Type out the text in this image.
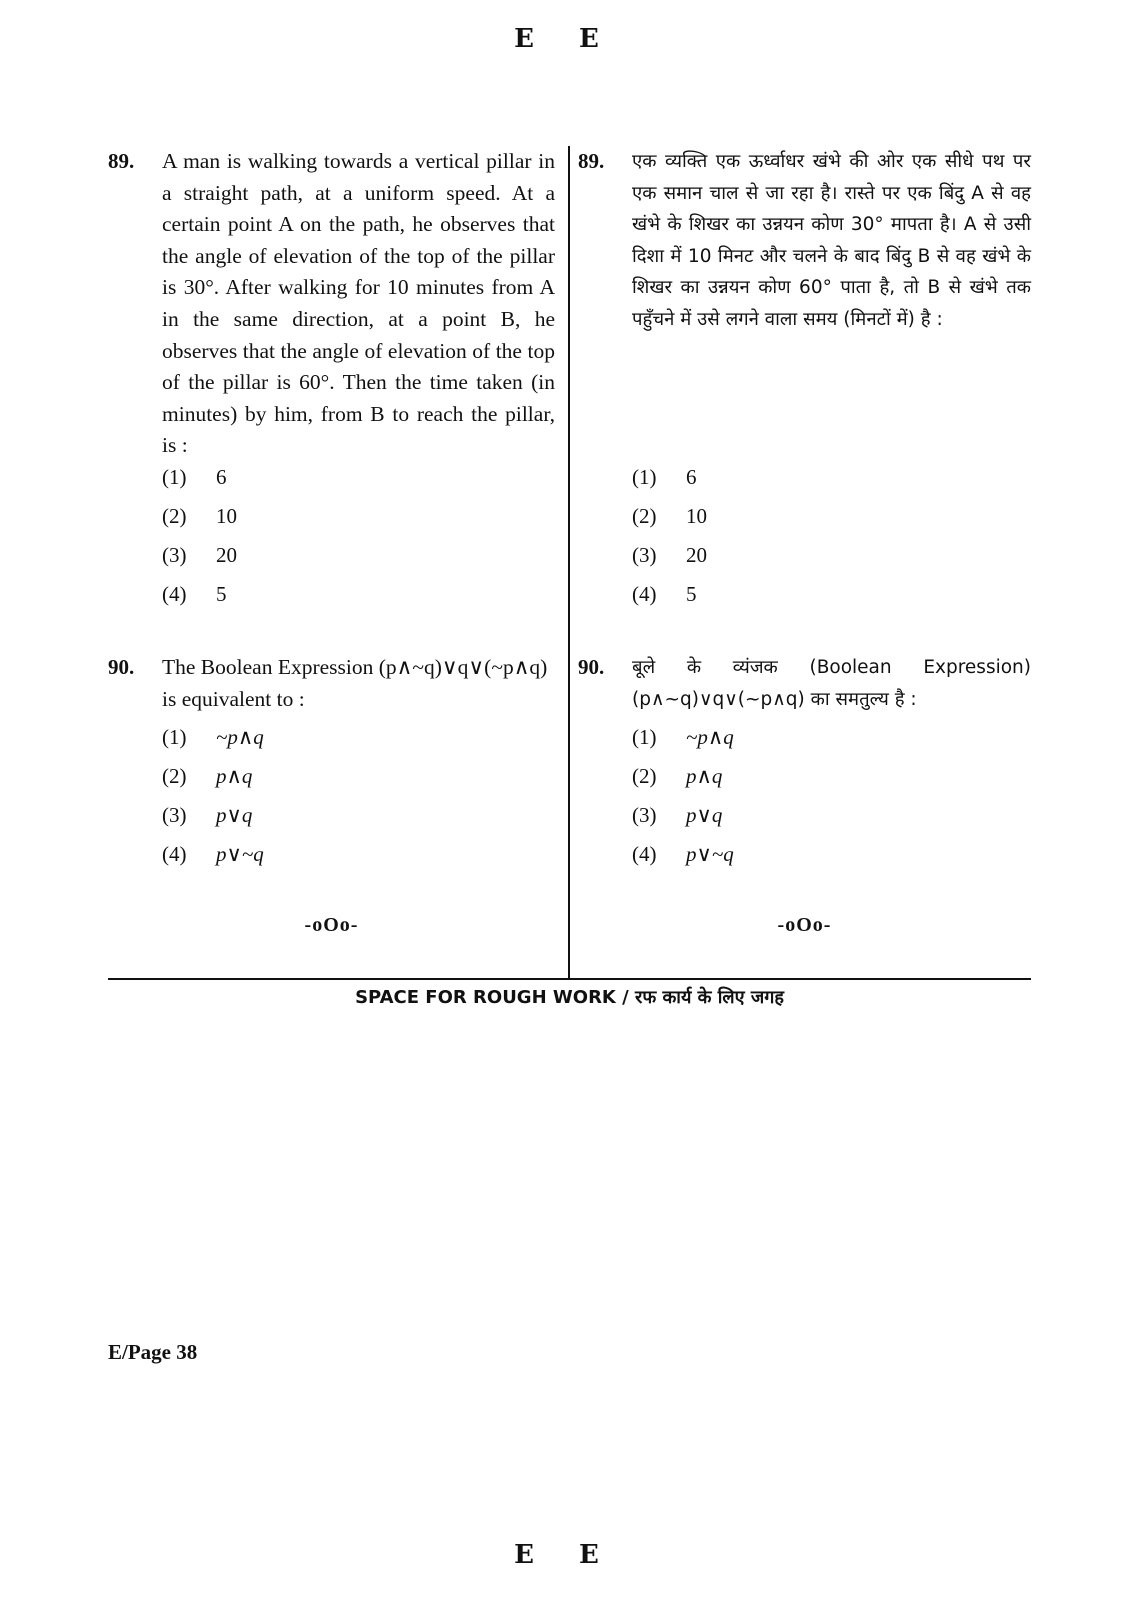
E E
89. A man is walking towards a vertical pillar in a straight path, at a uniform speed. At a certain point A on the path, he observes that the angle of elevation of the top of the pillar is 30°. After walking for 10 minutes from A in the same direction, at a point B, he observes that the angle of elevation of the top of the pillar is 60°. Then the time taken (in minutes) by him, from B to reach the pillar, is :
(1) 6
(2) 10
(3) 20
(4) 5
90. The Boolean Expression (p∧~q)∨q∨(~p∧q) is equivalent to :
(1) ~p∧q
(2) p∧q
(3) p∨q
(4) p∨~q
-oOo-
89. एक व्यक्ति एक ऊर्ध्वाधर खंभे की ओर एक सीधे पथ पर एक समान चाल से जा रहा है। रास्ते पर एक बिंदु A से वह खंभे के शिखर का उन्नयन कोण 30° मापता है। A से उसी दिशा में 10 मिनट और चलने के बाद बिंदु B से वह खंभे के शिखर का उन्नयन कोण 60° पाता है, तो B से खंभे तक पहुँचने में उसे लगने वाला समय (मिनटों में) है :
(1) 6
(2) 10
(3) 20
(4) 5
90. बूले के व्यंजक (Boolean Expression) (p∧~q)∨q∨(~p∧q) का समतुल्य है :
(1) ~p∧q
(2) p∧q
(3) p∨q
(4) p∨~q
-oOo-
SPACE FOR ROUGH WORK / रफ कार्य के लिए जगह
E/Page 38
E E
